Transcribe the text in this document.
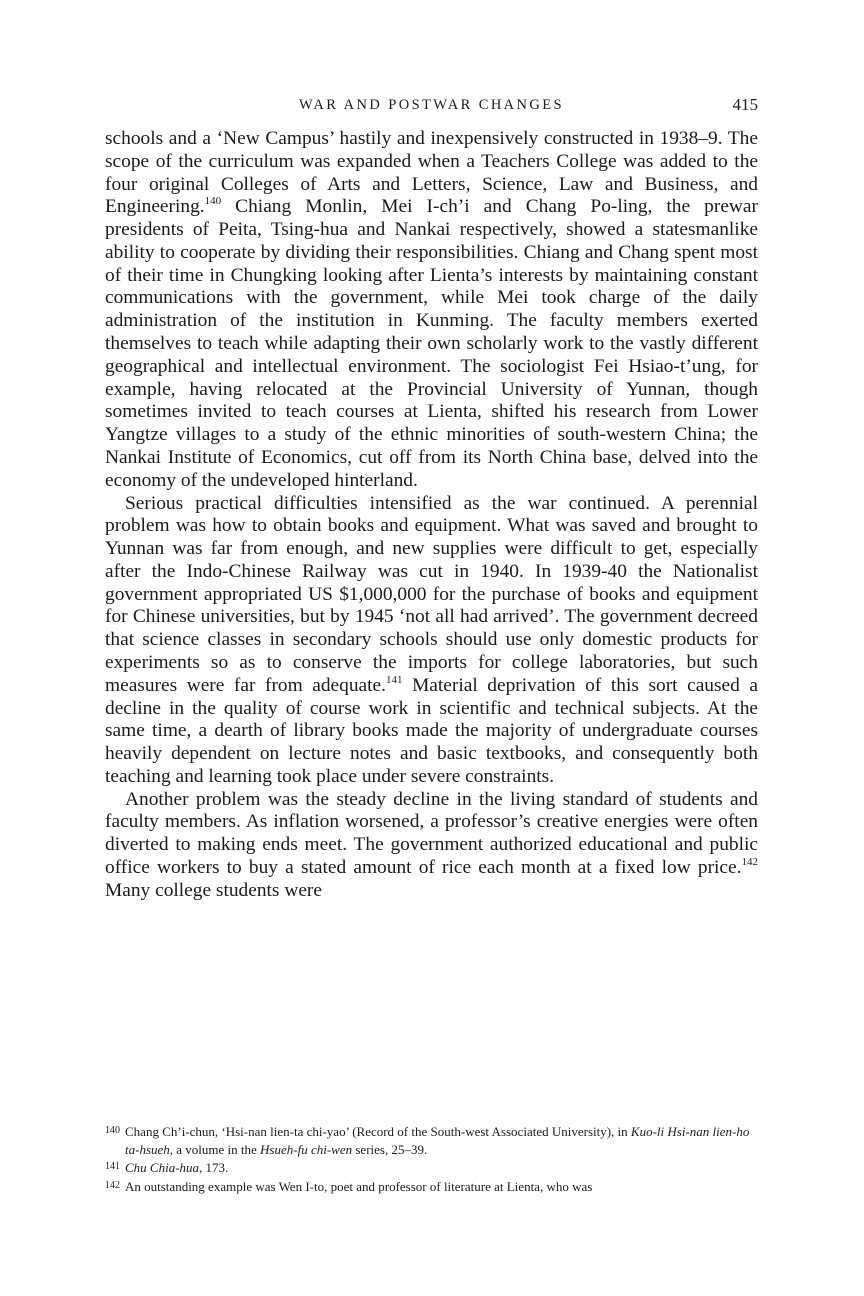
WAR AND POSTWAR CHANGES	415

schools and a ‘New Campus’ hastily and inexpensively constructed in 1938–9. The scope of the curriculum was expanded when a Teachers College was added to the four original Colleges of Arts and Letters, Science, Law and Business, and Engineering.$^{140}$ Chiang Monlin, Mei I-ch’i and Chang Po-ling, the prewar presidents of Peita, Tsing-hua and Nankai respectively, showed a statesmanlike ability to cooperate by dividing their responsibilities. Chiang and Chang spent most of their time in Chungking looking after Lienta’s interests by maintaining constant communications with the government, while Mei took charge of the daily administration of the institution in Kunming. The faculty members exerted themselves to teach while adapting their own scholarly work to the vastly different geographical and intellectual environment. The sociologist Fei Hsiao-t’ung, for example, having relocated at the Provincial University of Yunnan, though sometimes invited to teach courses at Lienta, shifted his research from Lower Yangtze villages to a study of the ethnic minorities of south-western China; the Nankai Institute of Economics, cut off from its North China base, delved into the economy of the undeveloped hinterland.

Serious practical difficulties intensified as the war continued. A perennial problem was how to obtain books and equipment. What was saved and brought to Yunnan was far from enough, and new supplies were difficult to get, especially after the Indo-Chinese Railway was cut in 1940. In 1939-40 the Nationalist government appropriated US $1,000,000 for the purchase of books and equipment for Chinese universities, but by 1945 ‘not all had arrived’. The government decreed that science classes in secondary schools should use only domestic products for experiments so as to conserve the imports for college laboratories, but such measures were far from adequate.$^{141}$ Material deprivation of this sort caused a decline in the quality of course work in scientific and technical subjects. At the same time, a dearth of library books made the majority of undergraduate courses heavily dependent on lecture notes and basic textbooks, and consequently both teaching and learning took place under severe constraints.

Another problem was the steady decline in the living standard of students and faculty members. As inflation worsened, a professor’s creative energies were often diverted to making ends meet. The government authorized educational and public office workers to buy a stated amount of rice each month at a fixed low price.$^{142}$ Many college students were

140 Chang Ch’i-chun, ‘Hsi-nan lien-ta chi-yao’ (Record of the South-west Associated University), in Kuo-li Hsi-nan lien-ho ta-hsueh, a volume in the Hsueh-fu chi-wen series, 25–39.

141 Chu Chia-hua, 173.

142 An outstanding example was Wen I-to, poet and professor of literature at Lienta, who was
